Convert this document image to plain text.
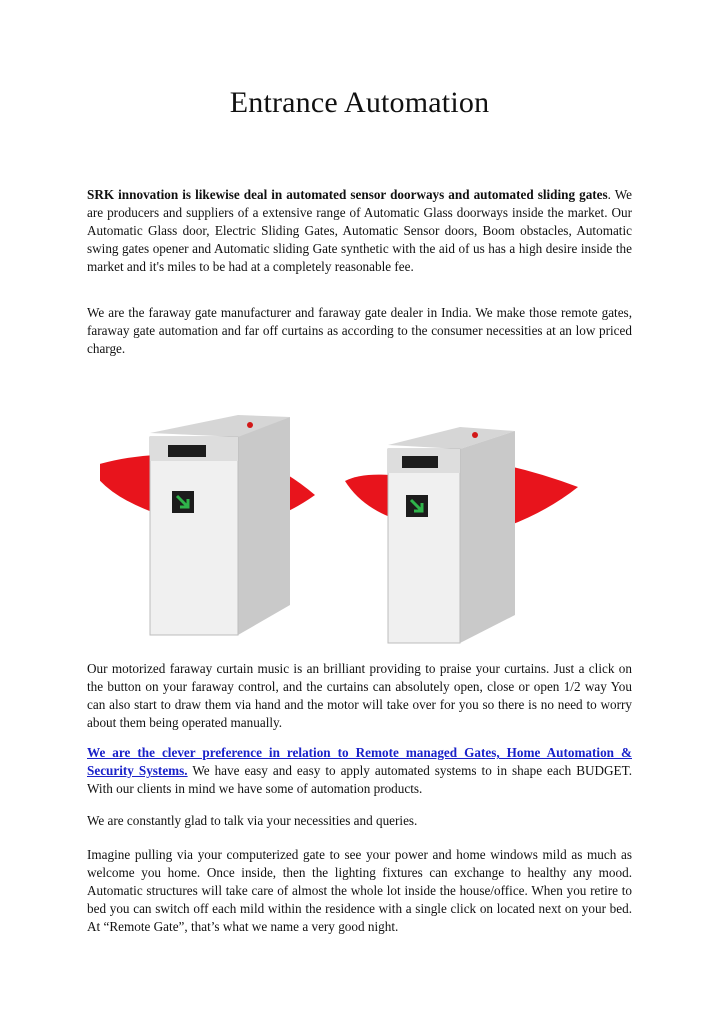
Entrance Automation

SRK innovation is likewise deal in automated sensor doorways and automated sliding gates. We are producers and suppliers of a extensive range of Automatic Glass doorways inside the market. Our Automatic Glass door, Electric Sliding Gates, Automatic Sensor doors, Boom obstacles, Automatic swing gates opener and Automatic sliding Gate synthetic with the aid of us has a high desire inside the market and it's miles to be had at a completely reasonable fee.

We are the faraway gate manufacturer and faraway gate dealer in India. We make those remote gates, faraway gate automation and far off curtains as according to the consumer necessities at an low priced charge.

Our motorized faraway curtain music is an brilliant providing to praise your curtains. Just a click on the button on your faraway control, and the curtains can absolutely open, close or open 1/2 way You can also start to draw them via hand and the motor will take over for you so there is no need to worry about them being operated manually.

We are the clever preference in relation to Remote managed Gates, Home Automation & Security Systems. We have easy and easy to apply automated systems to in shape each BUDGET. With our clients in mind we have some of automation products.

We are constantly glad to talk via your necessities and queries.

Imagine pulling via your computerized gate to see your power and home windows mild as much as welcome you home. Once inside, then the lighting fixtures can exchange to healthy any mood. Automatic structures will take care of almost the whole lot inside the house/office. When you retire to bed you can switch off each mild within the residence with a single click on located next on your bed. At “Remote Gate”, that’s what we name a very good night.
